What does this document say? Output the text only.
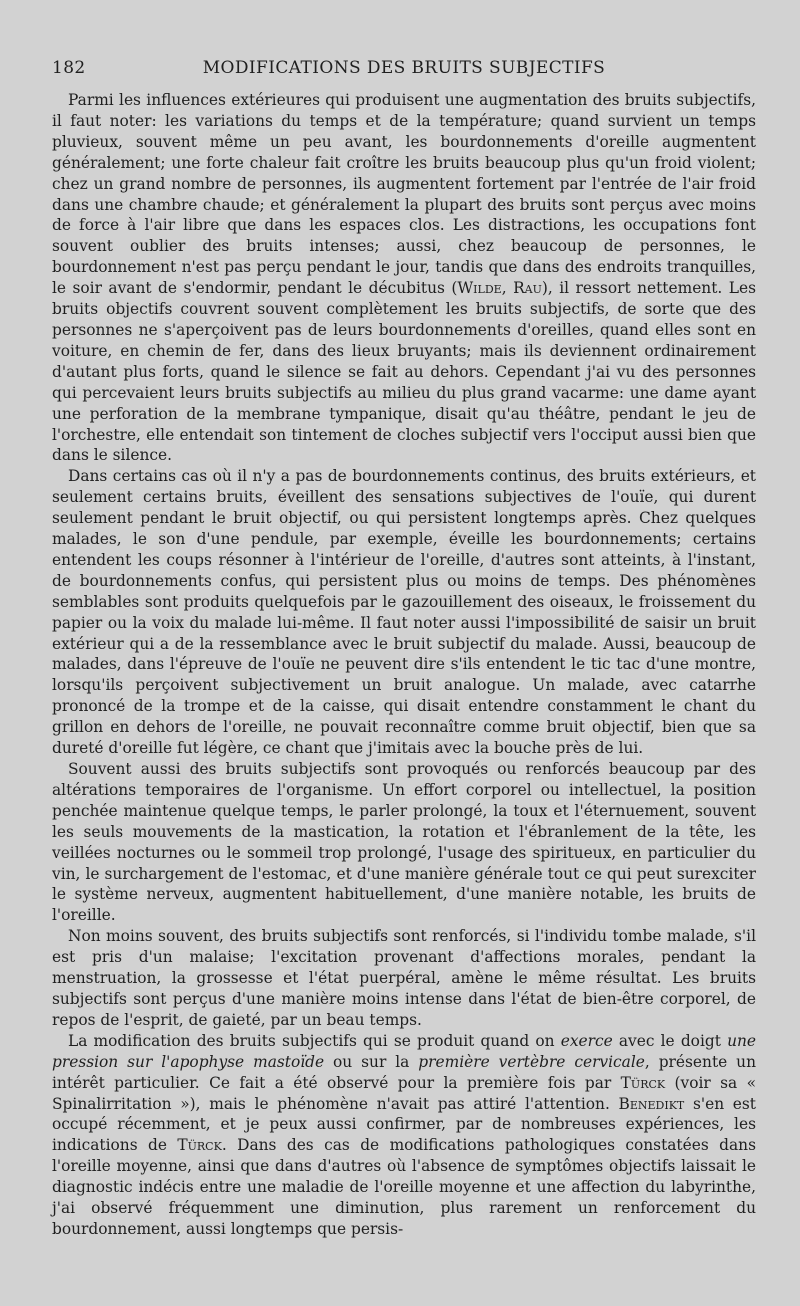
182	MODIFICATIONS DES BRUITS SUBJECTIFS

Parmi les influences extérieures qui produisent une augmentation des bruits subjectifs, il faut noter: les variations du temps et de la température; quand survient un temps pluvieux, souvent même un peu avant, les bourdonnements d'oreille augmentent généralement; une forte chaleur fait croître les bruits beaucoup plus qu'un froid violent; chez un grand nombre de personnes, ils augmentent fortement par l'entrée de l'air froid dans une chambre chaude; et généralement la plupart des bruits sont perçus avec moins de force à l'air libre que dans les espaces clos. Les distractions, les occupations font souvent oublier des bruits intenses; aussi, chez beaucoup de personnes, le bourdonnement n'est pas perçu pendant le jour, tandis que dans des endroits tranquilles, le soir avant de s'endormir, pendant le décubitus (Wilde, Rau), il ressort nettement. Les bruits objectifs couvrent souvent complètement les bruits subjectifs, de sorte que des personnes ne s'aperçoivent pas de leurs bourdonnements d'oreilles, quand elles sont en voiture, en chemin de fer, dans des lieux bruyants; mais ils deviennent ordinairement d'autant plus forts, quand le silence se fait au dehors. Cependant j'ai vu des personnes qui percevaient leurs bruits subjectifs au milieu du plus grand vacarme: une dame ayant une perforation de la membrane tympanique, disait qu'au théâtre, pendant le jeu de l'orchestre, elle entendait son tintement de cloches subjectif vers l'occiput aussi bien que dans le silence.

Dans certains cas où il n'y a pas de bourdonnements continus, des bruits extérieurs, et seulement certains bruits, éveillent des sensations subjectives de l'ouïe, qui durent seulement pendant le bruit objectif, ou qui persistent longtemps après. Chez quelques malades, le son d'une pendule, par exemple, éveille les bourdonnements; certains entendent les coups résonner à l'intérieur de l'oreille, d'autres sont atteints, à l'instant, de bourdonnements confus, qui persistent plus ou moins de temps. Des phénomènes semblables sont produits quelquefois par le gazouillement des oiseaux, le froissement du papier ou la voix du malade lui-même. Il faut noter aussi l'impossibilité de saisir un bruit extérieur qui a de la ressemblance avec le bruit subjectif du malade. Aussi, beaucoup de malades, dans l'épreuve de l'ouïe ne peuvent dire s'ils entendent le tic tac d'une montre, lorsqu'ils perçoivent subjectivement un bruit analogue. Un malade, avec catarrhe prononcé de la trompe et de la caisse, qui disait entendre constamment le chant du grillon en dehors de l'oreille, ne pouvait reconnaître comme bruit objectif, bien que sa dureté d'oreille fut légère, ce chant que j'imitais avec la bouche près de lui.

Souvent aussi des bruits subjectifs sont provoqués ou renforcés beaucoup par des altérations temporaires de l'organisme. Un effort corporel ou intellectuel, la position penchée maintenue quelque temps, le parler prolongé, la toux et l'éternuement, souvent les seuls mouvements de la mastication, la rotation et l'ébranlement de la tête, les veillées nocturnes ou le sommeil trop prolongé, l'usage des spiritueux, en particulier du vin, le surchargement de l'estomac, et d'une manière générale tout ce qui peut surexciter le système nerveux, augmentent habituellement, d'une manière notable, les bruits de l'oreille.

Non moins souvent, des bruits subjectifs sont renforcés, si l'individu tombe malade, s'il est pris d'un malaise; l'excitation provenant d'affections morales, pendant la menstruation, la grossesse et l'état puerpéral, amène le même résultat. Les bruits subjectifs sont perçus d'une manière moins intense dans l'état de bien-être corporel, de repos de l'esprit, de gaieté, par un beau temps.

La modification des bruits subjectifs qui se produit quand on exerce avec le doigt une pression sur l'apophyse mastoïde ou sur la première vertèbre cervicale, présente un intérêt particulier. Ce fait a été observé pour la première fois par Türck (voir sa « Spinalirritation »), mais le phénomène n'avait pas attiré l'attention. Benedikt s'en est occupé récemment, et je peux aussi confirmer, par de nombreuses expériences, les indications de Türck. Dans des cas de modifications pathologiques constatées dans l'oreille moyenne, ainsi que dans d'autres où l'absence de symptômes objectifs laissait le diagnostic indécis entre une maladie de l'oreille moyenne et une affection du labyrinthe, j'ai observé fréquemment une diminution, plus rarement un renforcement du bourdonnement, aussi longtemps que persis-
